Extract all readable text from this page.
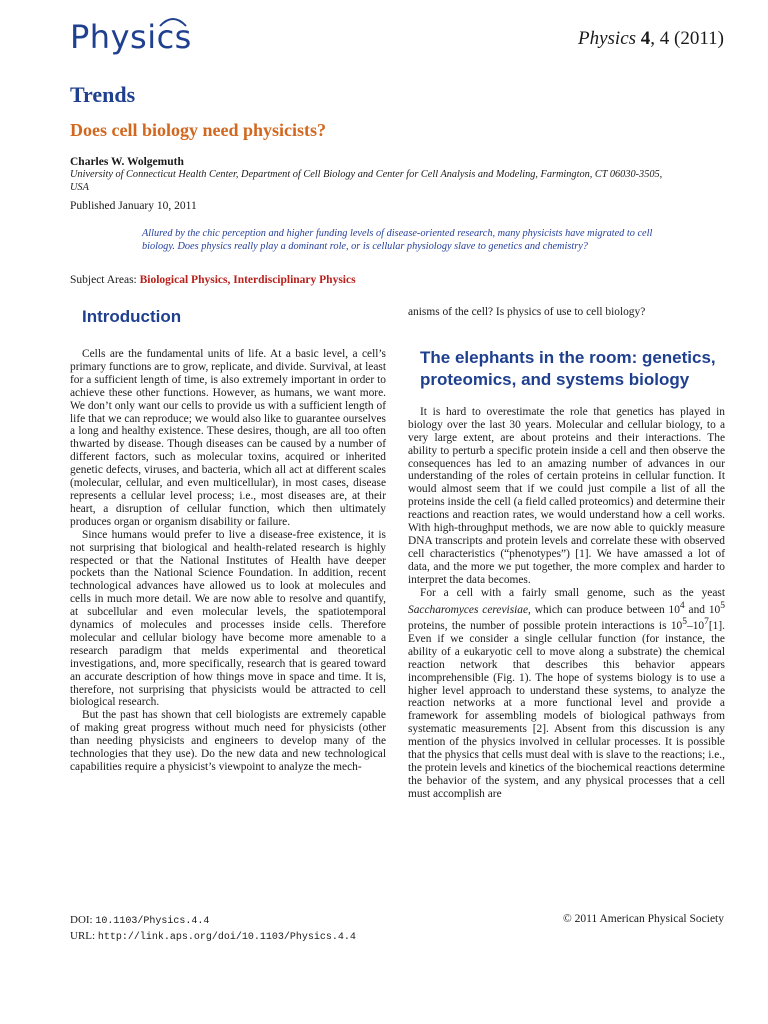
Physics	Physics 4, 4 (2011)
Trends
Does cell biology need physicists?
Charles W. Wolgemuth
University of Connecticut Health Center, Department of Cell Biology and Center for Cell Analysis and Modeling, Farmington, CT 06030-3505, USA
Published January 10, 2011
Allured by the chic perception and higher funding levels of disease-oriented research, many physicists have migrated to cell biology. Does physics really play a dominant role, or is cellular physiology slave to genetics and chemistry?
Subject Areas: Biological Physics, Interdisciplinary Physics
Introduction

Cells are the fundamental units of life. At a basic level, a cell’s primary functions are to grow, replicate, and divide. Survival, at least for a sufficient length of time, is also extremely important in order to achieve these other functions. However, as humans, we want more. We don’t only want our cells to provide us with a sufficient length of life that we can reproduce; we would also like to guarantee ourselves a long and healthy existence. These desires, though, are all too often thwarted by disease. Though diseases can be caused by a number of different factors, such as molecular toxins, acquired or inherited genetic defects, viruses, and bacteria, which all act at different scales (molecular, cellular, and even multicellular), in most cases, disease represents a cellular level process; i.e., most diseases are, at their heart, a disruption of cellular function, which then ultimately produces organ or organism disability or failure.

Since humans would prefer to live a disease-free existence, it is not surprising that biological and health-related research is highly respected or that the National Institutes of Health have deeper pockets than the National Science Foundation. In addition, recent technological advances have allowed us to look at molecules and cells in much more detail. We are now able to resolve and quantify, at subcellular and even molecular levels, the spatiotemporal dynamics of molecules and processes inside cells. Therefore molecular and cellular biology have become more amenable to a research paradigm that melds experimental and theoretical investigations, and, more specifically, research that is geared toward an accurate description of how things move in space and time. It is, therefore, not surprising that physicists would be attracted to cell biological research.

But the past has shown that cell biologists are extremely capable of making great progress without much need for physicists (other than needing physicists and engineers to develop many of the technologies that they use). Do the new data and new technological capabilities require a physicist’s viewpoint to analyze the mech-

anisms of the cell? Is physics of use to cell biology?

The elephants in the room: genetics, proteomics, and systems biology

It is hard to overestimate the role that genetics has played in biology over the last 30 years. Molecular and cellular biology, to a very large extent, are about proteins and their interactions. The ability to perturb a specific protein inside a cell and then observe the consequences has led to an amazing number of advances in our understanding of the roles of certain proteins in cellular function. It would almost seem that if we could just compile a list of all the proteins inside the cell (a field called proteomics) and determine their reactions and reaction rates, we would understand how a cell works. With high-throughput methods, we are now able to quickly measure DNA transcripts and protein levels and correlate these with observed cell characteristics (“phenotypes”) [1]. We have amassed a lot of data, and the more we put together, the more complex and harder to interpret the data becomes.

For a cell with a fairly small genome, such as the yeast Saccharomyces cerevisiae, which can produce between $10^4$ and $10^5$ proteins, the number of possible protein interactions is $10^5-10^7[1]$. Even if we consider a single cellular function (for instance, the ability of a eukaryotic cell to move along a substrate) the chemical reaction network that describes this behavior appears incomprehensible (Fig. 1). The hope of systems biology is to use a higher level approach to understand these systems, to analyze the reaction networks at a more functional level and provide a framework for assembling models of biological pathways from systematic measurements [2]. Absent from this discussion is any mention of the physics involved in cellular processes. It is possible that the physics that cells must deal with is slave to the reactions; i.e., the protein levels and kinetics of the biochemical reactions determine the behavior of the system, and any physical processes that a cell must accomplish are

DOI: 10.1103/Physics.4.4
URL: http://link.aps.org/doi/10.1103/Physics.4.4
© 2011 American Physical Society
